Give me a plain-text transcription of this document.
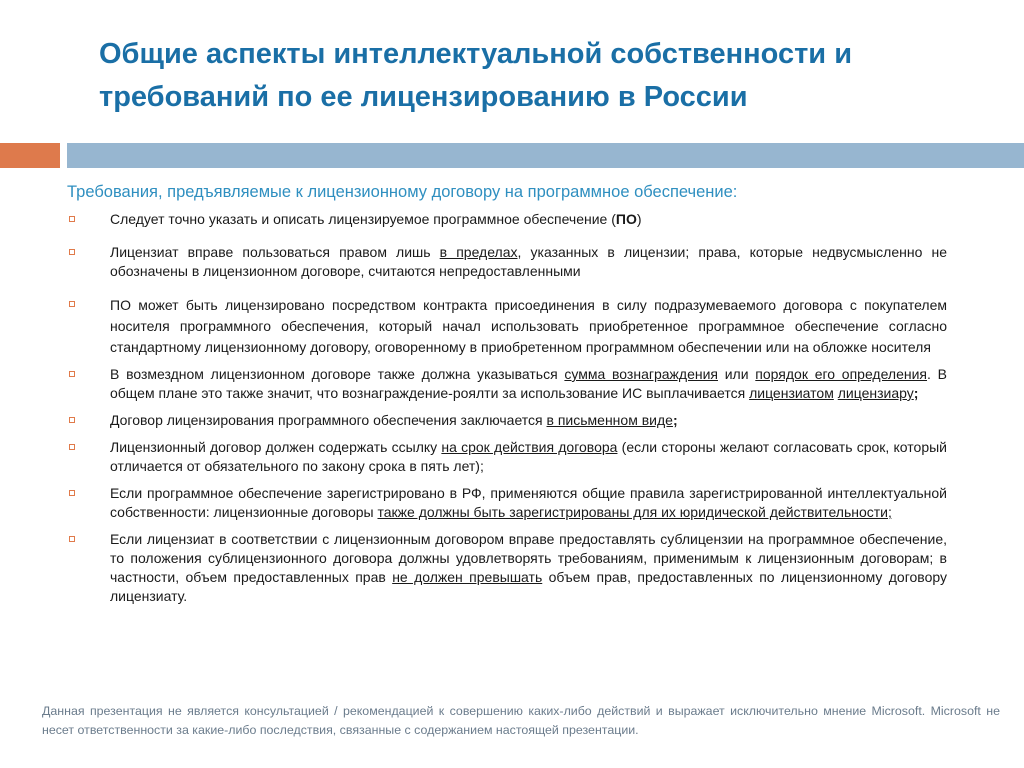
Общие аспекты интеллектуальной собственности и требований по ее лицензированию в России

Требования, предъявляемые к лицензионному договору на программное обеспечение:

Следует точно указать и описать лицензируемое программное обеспечение (ПО)
Лицензиат вправе пользоваться правом лишь в пределах, указанных в лицензии; права, которые недвусмысленно не обозначены в лицензионном договоре, считаются непредоставленными
ПО может быть лицензировано посредством контракта присоединения в силу подразумеваемого договора с покупателем носителя программного обеспечения, который начал использовать приобретенное программное обеспечение согласно стандартному лицензионному договору, оговоренному в приобретенном программном обеспечении или на обложке носителя
В возмездном лицензионном договоре также должна указываться сумма вознаграждения или порядок его определения. В общем плане это также значит, что вознаграждение-роялти за использование ИС выплачивается лицензиатом лицензиару;
Договор лицензирования программного обеспечения заключается в письменном виде;
Лицензионный договор должен содержать ссылку на срок действия договора (если стороны желают согласовать срок, который отличается от обязательного по закону срока в пять лет);
Если программное обеспечение зарегистрировано в РФ, применяются общие правила зарегистрированной интеллектуальной собственности: лицензионные договоры также должны быть зарегистрированы для их юридической действительности;
Если лицензиат в соответствии с лицензионным договором вправе предоставлять сублицензии на программное обеспечение, то положения сублицензионного договора должны удовлетворять требованиям, применимым к лицензионным договорам; в частности, объем предоставленных прав не должен превышать объем прав, предоставленных по лицензионному договору лицензиату.

Данная презентация не является консультацией / рекомендацией к совершению каких-либо действий и выражает исключительно мнение Microsoft. Microsoft не несет ответственности за какие-либо последствия, связанные с содержанием настоящей презентации.
